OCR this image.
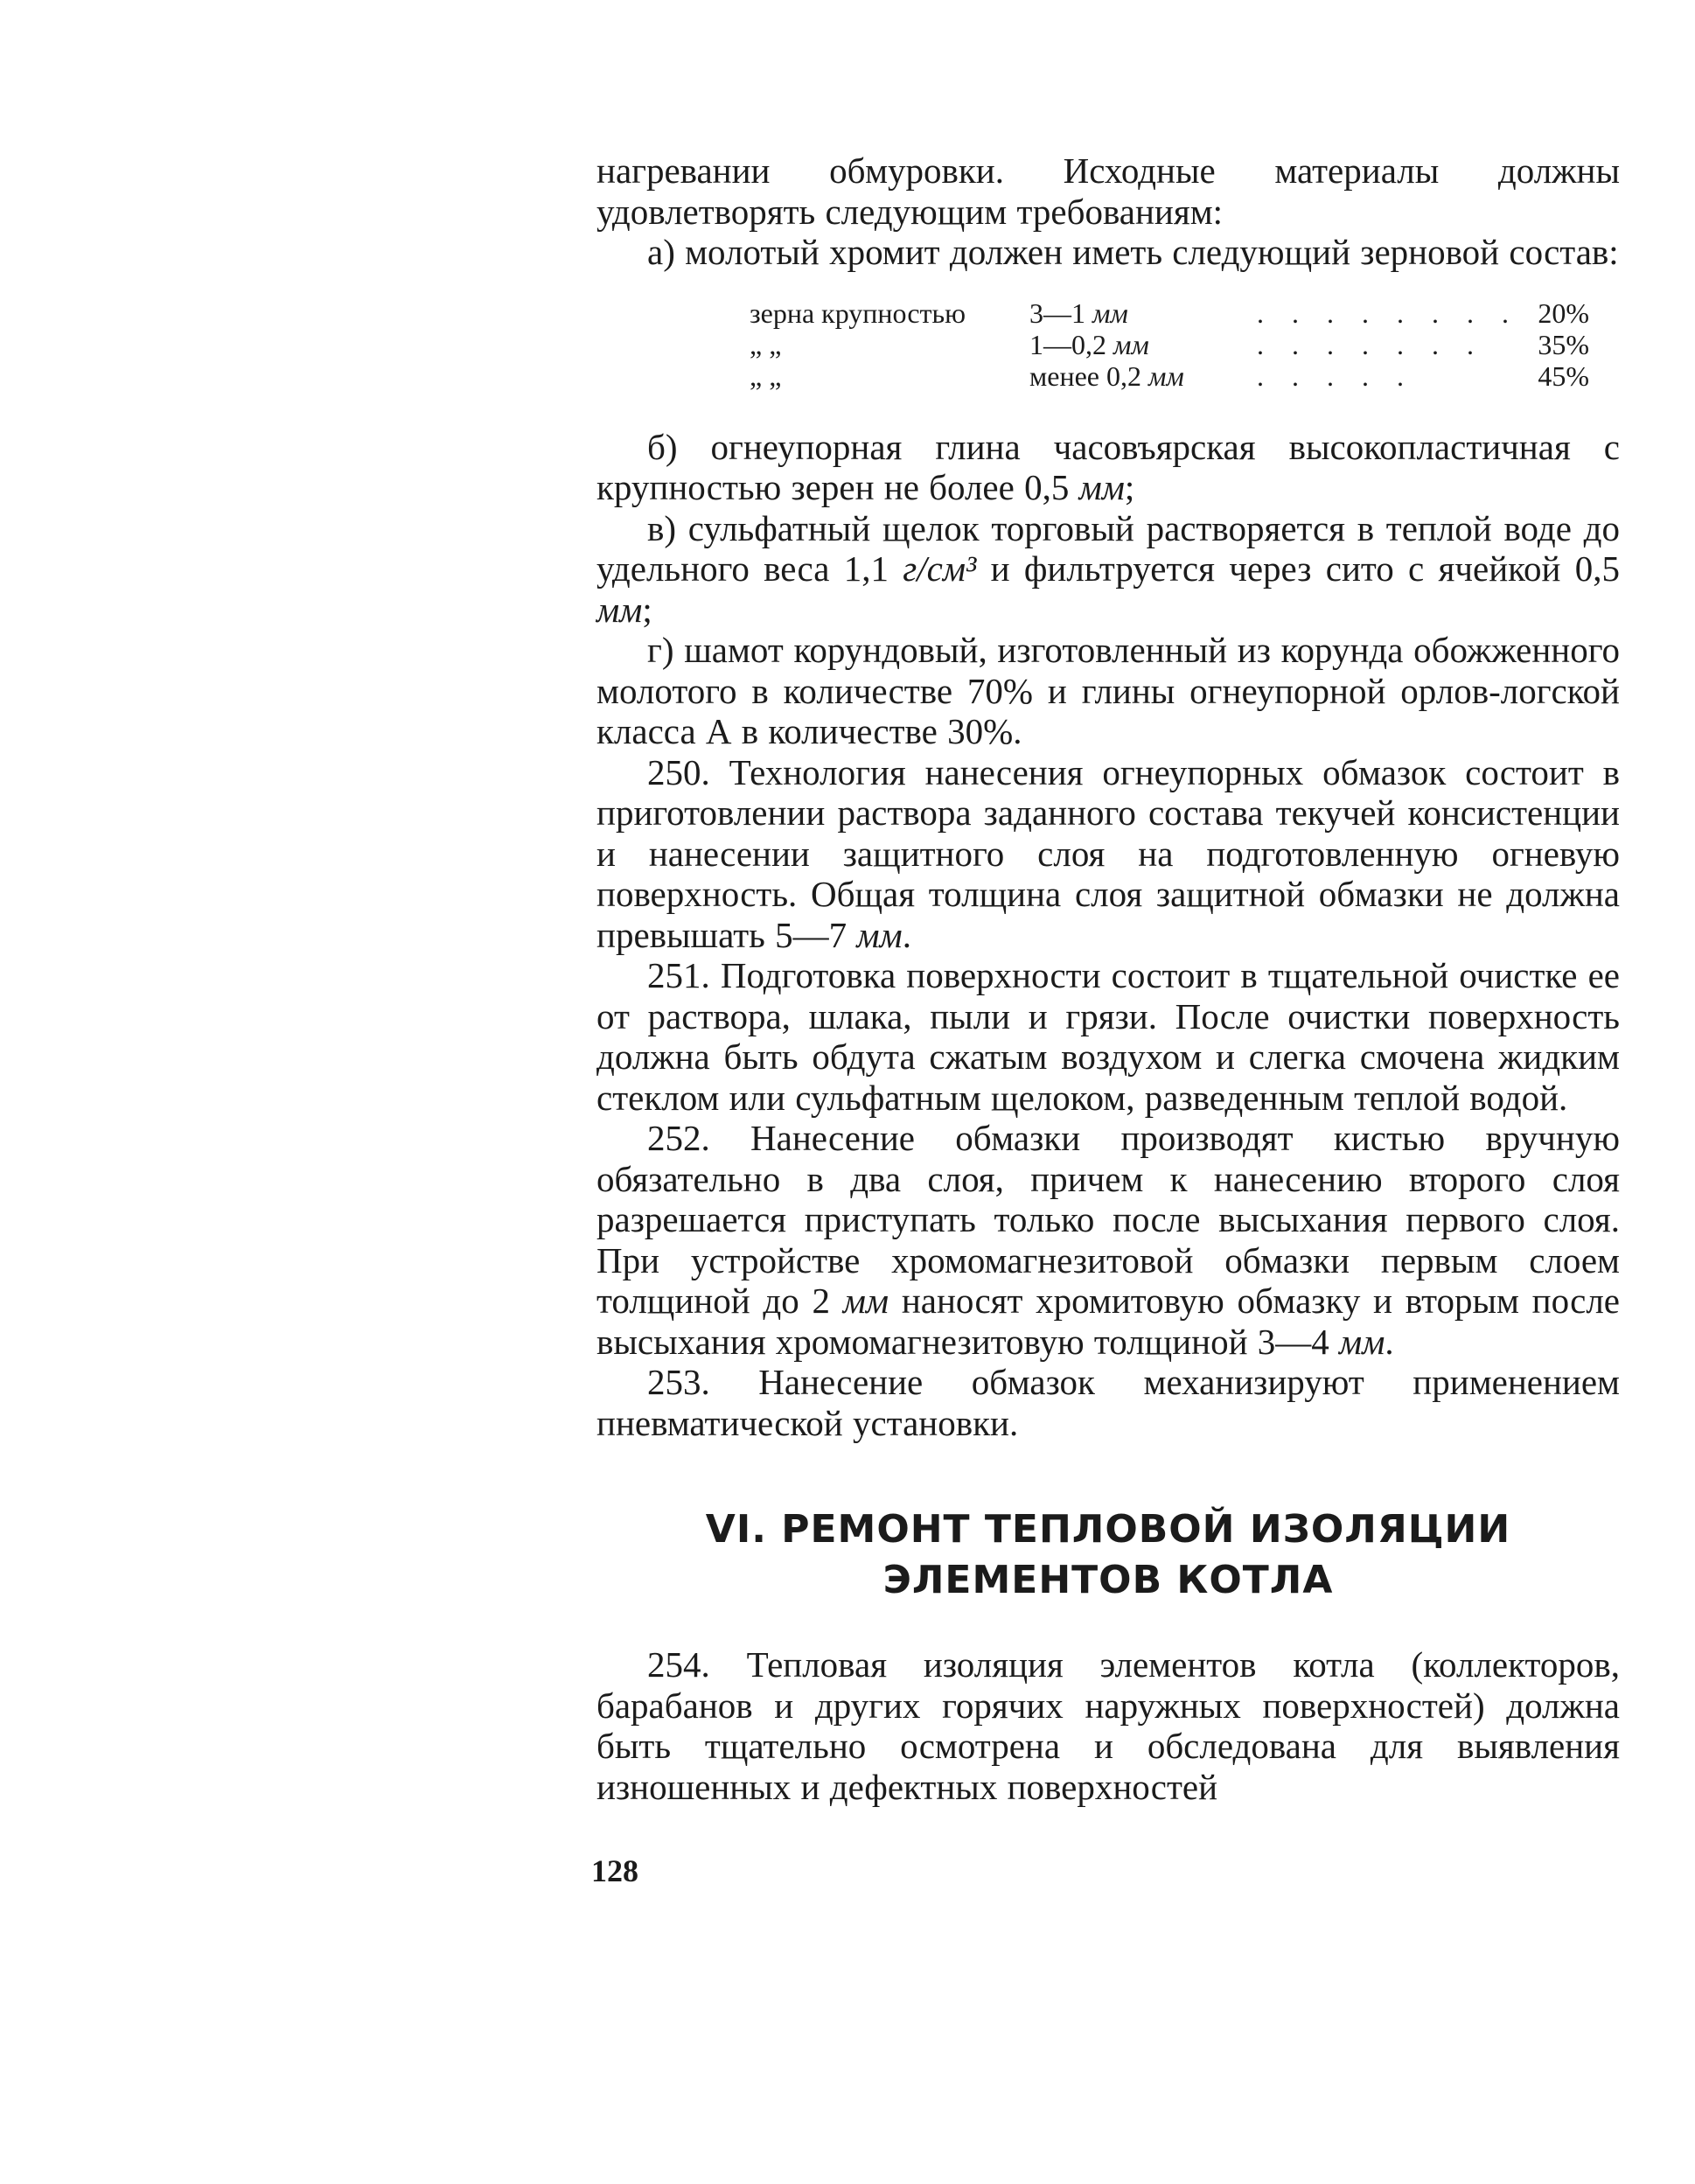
нагревании обмуровки. Исходные материалы должны удовлетворять следующим требованиям:

а) молотый хромит должен иметь следующий зерновой состав:

зерна крупностью	3—1 мм	. . . . . . . .	20%
„ „	1—0,2 мм	. . . . . . .	35%
„ „	менее 0,2 мм	. . . . .	45%

б) огнеупорная глина часовъярская высокопластичная с крупностью зерен не более 0,5 мм;

в) сульфатный щелок торговый растворяется в теплой воде до удельного веса 1,1 г/см³ и фильтруется через сито с ячейкой 0,5 мм;

г) шамот корундовый, изготовленный из корунда обожженного молотого в количестве 70% и глины огнеупорной орлов-логской класса А в количестве 30%.

250. Технология нанесения огнеупорных обмазок состоит в приготовлении раствора заданного состава текучей консистенции и нанесении защитного слоя на подготовленную огневую поверхность. Общая толщина слоя защитной обмазки не должна превышать 5—7 мм.

251. Подготовка поверхности состоит в тщательной очистке ее от раствора, шлака, пыли и грязи. После очистки поверхность должна быть обдута сжатым воздухом и слегка смочена жидким стеклом или сульфатным щелоком, разведенным теплой водой.

252. Нанесение обмазки производят кистью вручную обязательно в два слоя, причем к нанесению второго слоя разрешается приступать только после высыхания первого слоя. При устройстве хромомагнезитовой обмазки первым слоем толщиной до 2 мм наносят хромитовую обмазку и вторым после высыхания хромомагнезитовую толщиной 3—4 мм.

253. Нанесение обмазок механизируют применением пневматической установки.

VI. РЕМОНТ ТЕПЛОВОЙ ИЗОЛЯЦИИ
ЭЛЕМЕНТОВ КОТЛА

254. Тепловая изоляция элементов котла (коллекторов, барабанов и других горячих наружных поверхностей) должна быть тщательно осмотрена и обследована для выявления изношенных и дефектных поверхностей

128
